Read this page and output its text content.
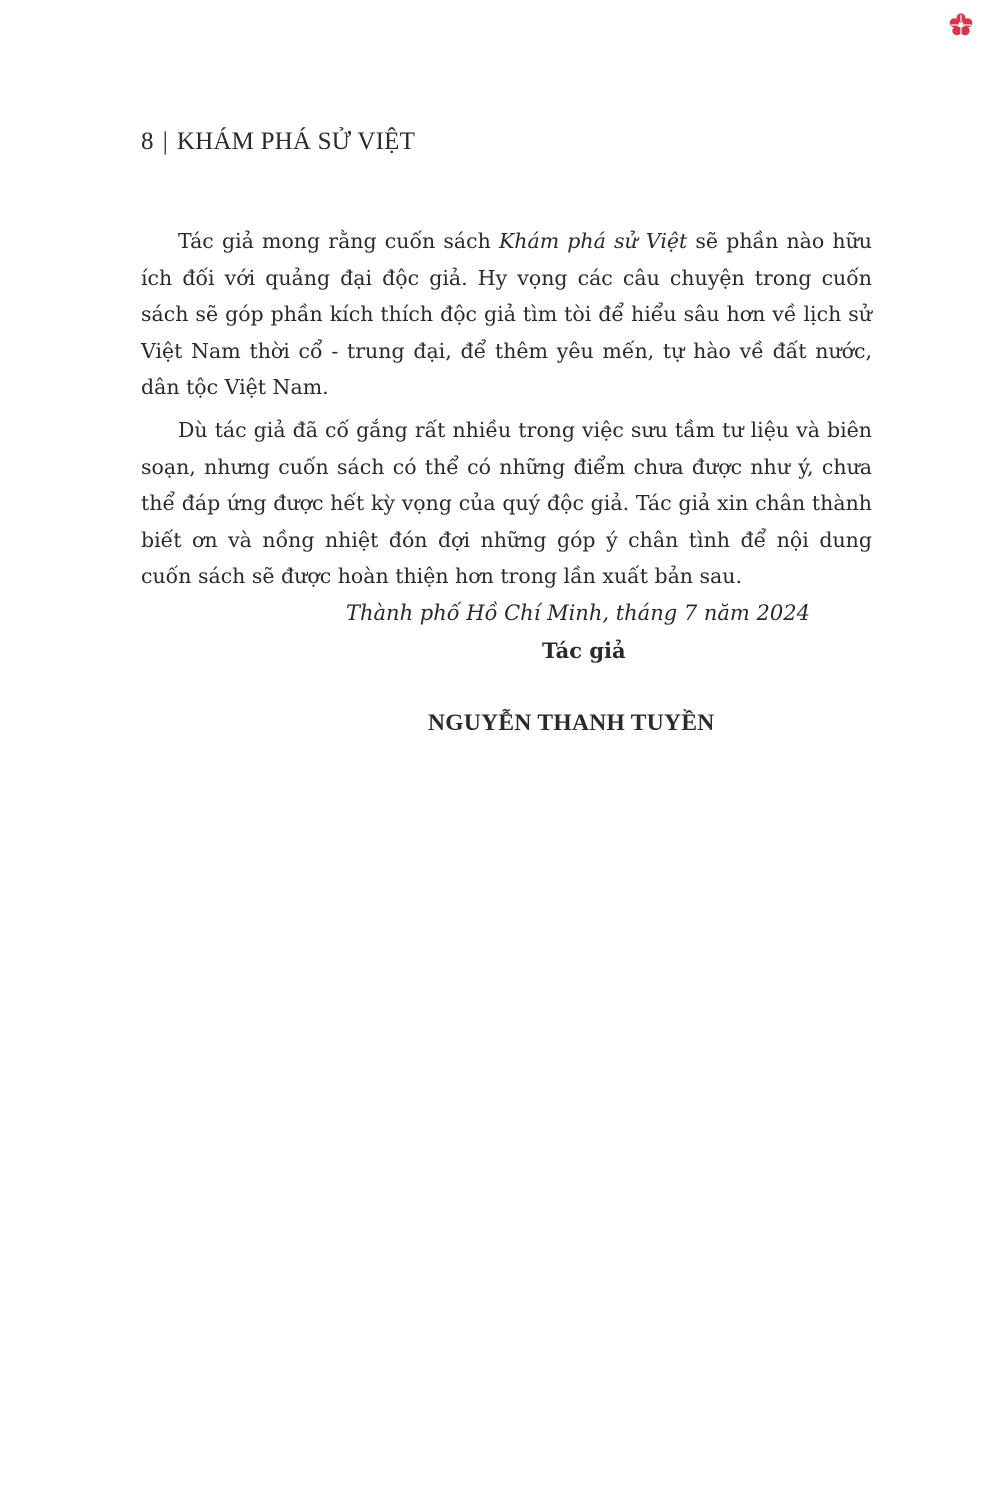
8 | KHÁM PHÁ SỬ VIỆT

Tác giả mong rằng cuốn sách Khám phá sử Việt sẽ phần nào hữu ích đối với quảng đại độc giả. Hy vọng các câu chuyện trong cuốn sách sẽ góp phần kích thích độc giả tìm tòi để hiểu sâu hơn về lịch sử Việt Nam thời cổ - trung đại, để thêm yêu mến, tự hào về đất nước, dân tộc Việt Nam.

Dù tác giả đã cố gắng rất nhiều trong việc sưu tầm tư liệu và biên soạn, nhưng cuốn sách có thể có những điểm chưa được như ý, chưa thể đáp ứng được hết kỳ vọng của quý độc giả. Tác giả xin chân thành biết ơn và nồng nhiệt đón đợi những góp ý chân tình để nội dung cuốn sách sẽ được hoàn thiện hơn trong lần xuất bản sau.

Thành phố Hồ Chí Minh, tháng 7 năm 2024
Tác giả
NGUYỄN THANH TUYỀN
